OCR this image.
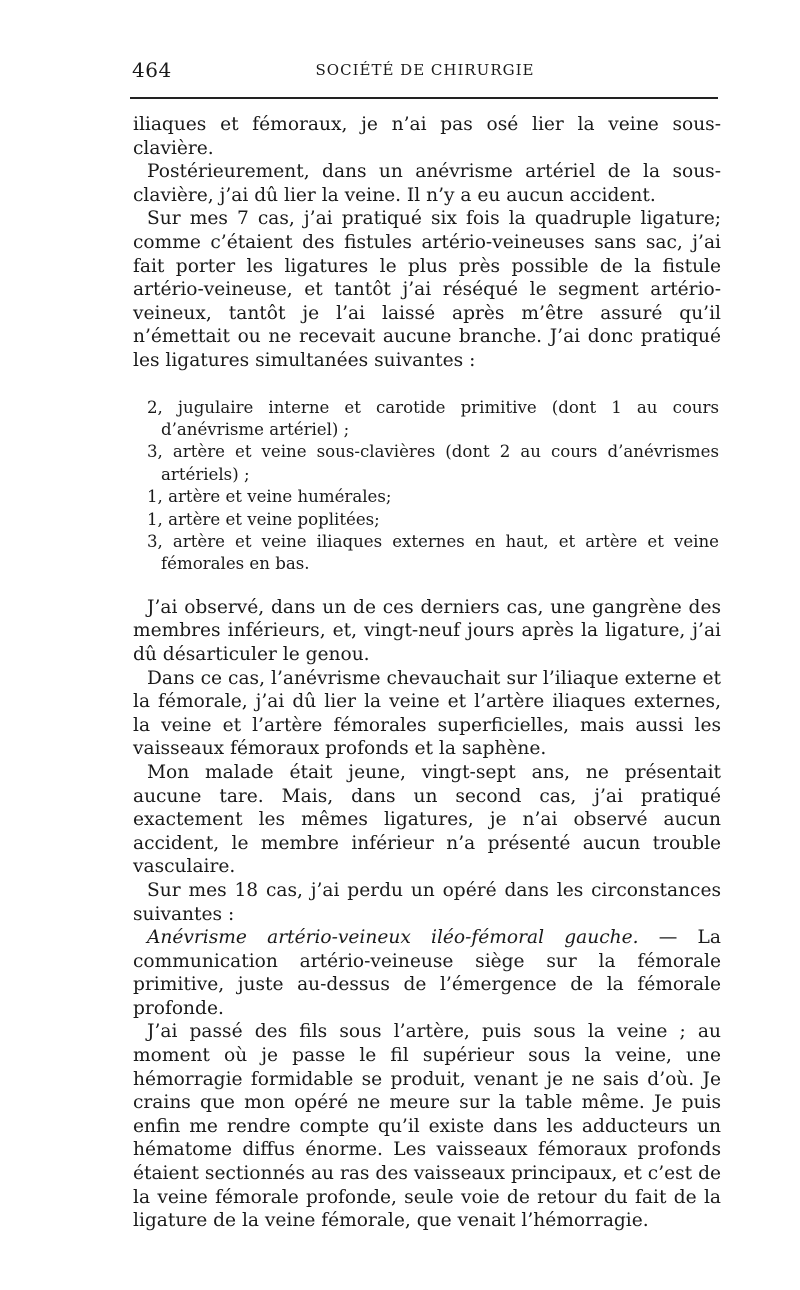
464	SOCIÉTÉ DE CHIRURGIE

iliaques et fémoraux, je n’ai pas osé lier la veine sous-clavière.

Postérieurement, dans un anévrisme artériel de la sous-clavière, j’ai dû lier la veine. Il n’y a eu aucun accident.

Sur mes 7 cas, j’ai pratiqué six fois la quadruple ligature; comme c’étaient des fistules artério-veineuses sans sac, j’ai fait porter les ligatures le plus près possible de la fistule artério-veineuse, et tantôt j’ai réséqué le segment artério-veineux, tantôt je l’ai laissé après m’être assuré qu’il n’émettait ou ne recevait aucune branche. J’ai donc pratiqué les ligatures simultanées suivantes :

2, jugulaire interne et carotide primitive (dont 1 au cours d’anévrisme artériel) ;
3, artère et veine sous-clavières (dont 2 au cours d’anévrismes artériels) ;
1, artère et veine humérales;
1, artère et veine poplitées;
3, artère et veine iliaques externes en haut, et artère et veine fémorales en bas.

J’ai observé, dans un de ces derniers cas, une gangrène des membres inférieurs, et, vingt-neuf jours après la ligature, j’ai dû désarticuler le genou.

Dans ce cas, l’anévrisme chevauchait sur l’iliaque externe et la fémorale, j’ai dû lier la veine et l’artère iliaques externes, la veine et l’artère fémorales superficielles, mais aussi les vaisseaux fémoraux profonds et la saphène.

Mon malade était jeune, vingt-sept ans, ne présentait aucune tare. Mais, dans un second cas, j’ai pratiqué exactement les mêmes ligatures, je n’ai observé aucun accident, le membre inférieur n’a présenté aucun trouble vasculaire.

Sur mes 18 cas, j’ai perdu un opéré dans les circonstances suivantes :

Anévrisme artério-veineux iléo-fémoral gauche. — La communication artério-veineuse siège sur la fémorale primitive, juste au-dessus de l’émergence de la fémorale profonde.

J’ai passé des fils sous l’artère, puis sous la veine ; au moment où je passe le fil supérieur sous la veine, une hémorragie formidable se produit, venant je ne sais d’où. Je crains que mon opéré ne meure sur la table même. Je puis enfin me rendre compte qu’il existe dans les adducteurs un hématome diffus énorme. Les vaisseaux fémoraux profonds étaient sectionnés au ras des vaisseaux principaux, et c’est de la veine fémorale profonde, seule voie de retour du fait de la ligature de la veine fémorale, que venait l’hémorragie.
